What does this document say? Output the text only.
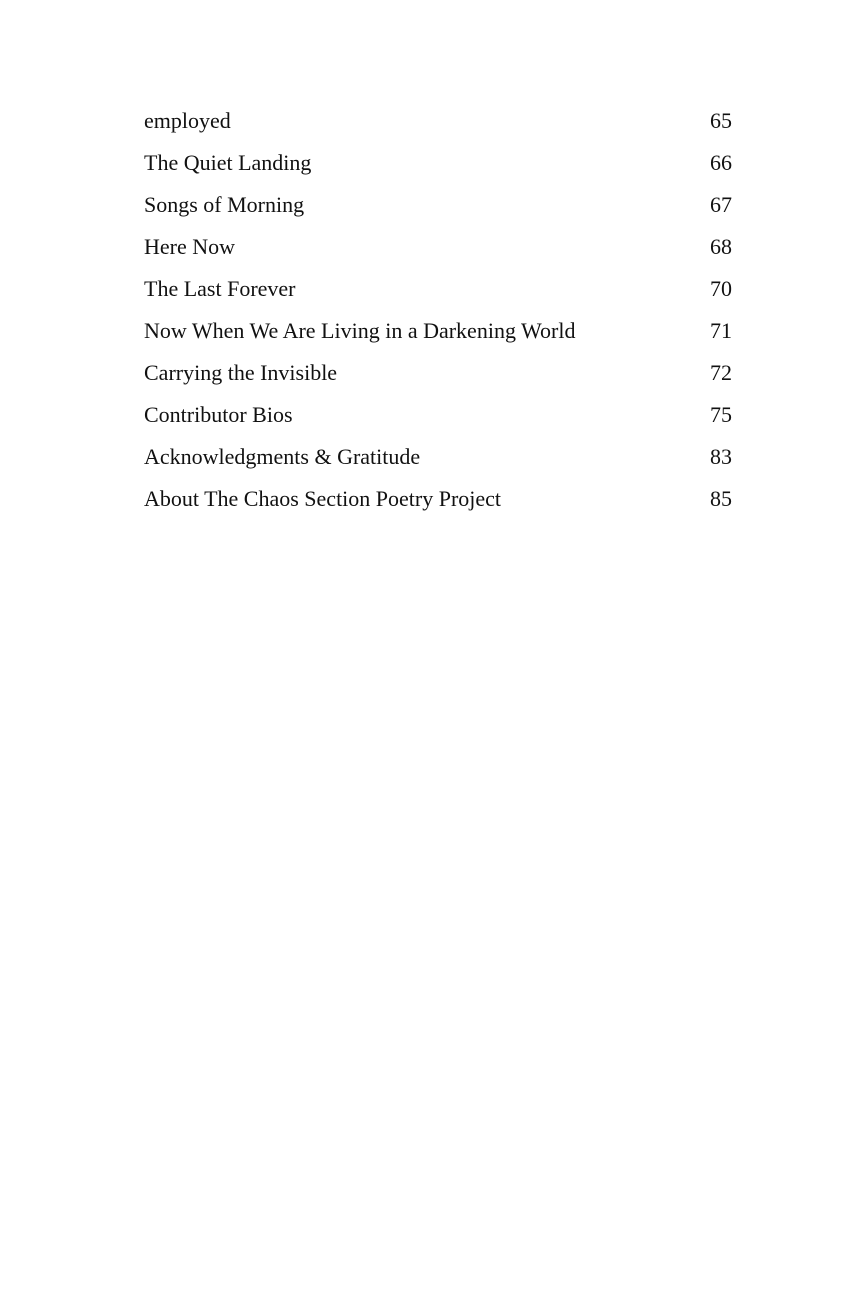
employed	65
The Quiet Landing	66
Songs of Morning	67
Here Now	68
The Last Forever	70
Now When We Are Living in a Darkening World	71
Carrying the Invisible	72
Contributor Bios	75
Acknowledgments & Gratitude	83
About The Chaos Section Poetry Project	85
